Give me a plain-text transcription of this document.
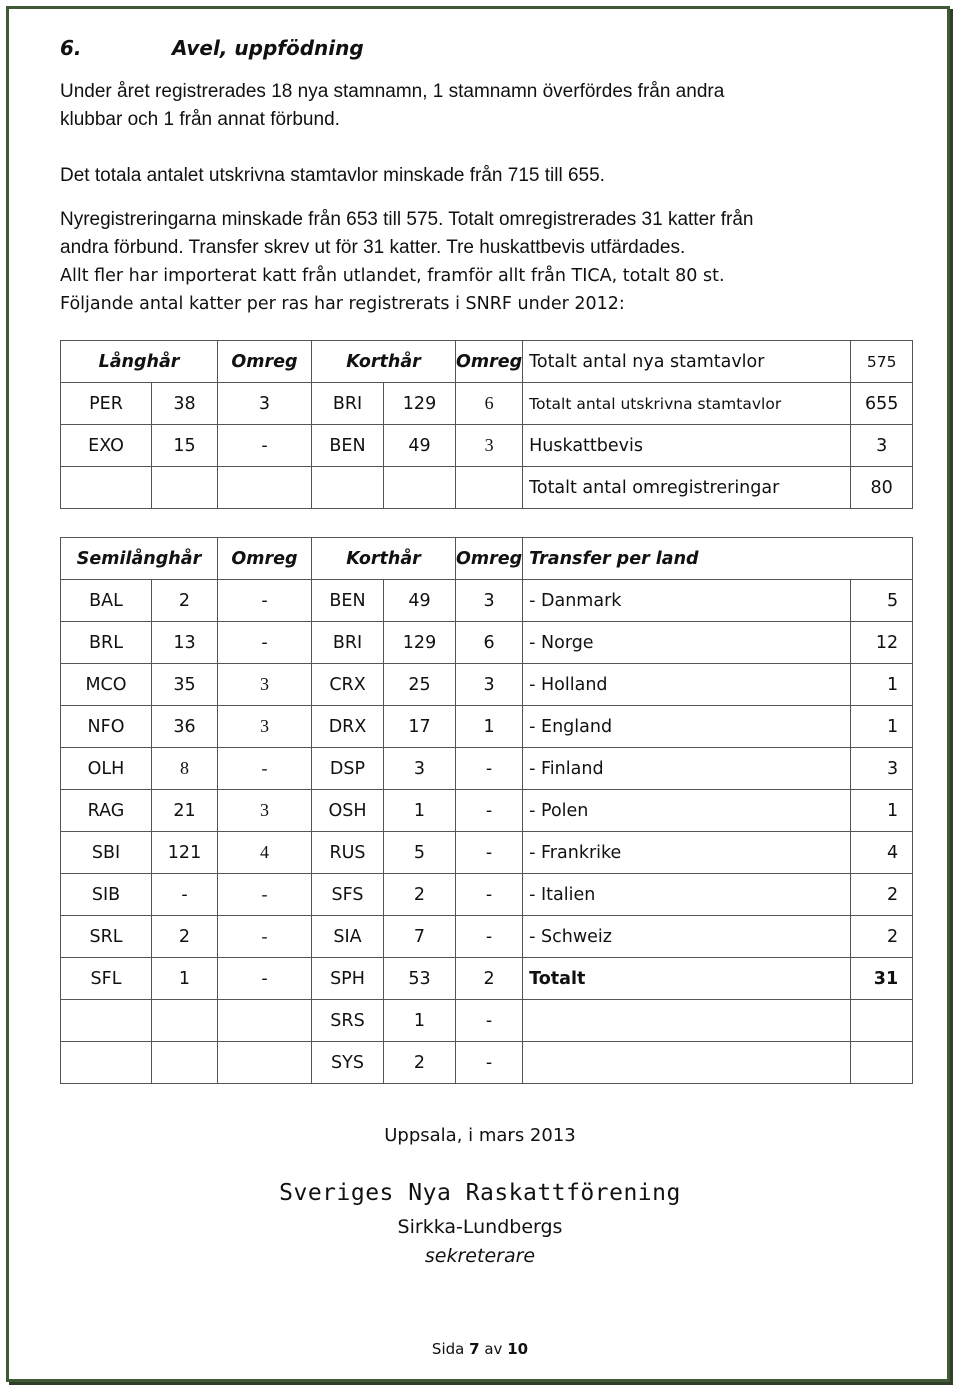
6.	Avel, uppfödning
Under året registrerades 18 nya stamnamn, 1 stamnamn överfördes från andra
klubbar och 1 från annat förbund.
Det totala antalet utskrivna stamtavlor minskade från 715 till 655.
Nyregistreringarna minskade från 653 till 575. Totalt omregistrerades 31 katter från
andra förbund. Transfer skrev ut för 31 katter. Tre huskattbevis utfärdades.
Allt fler har importerat katt från utlandet, framför allt från TICA, totalt 80 st.
Följande antal katter per ras har registrerats i SNRF under 2012:
Långhår		Omreg	Korthår		Omreg	Totalt antal nya stamtavlor	575
PER	38	3	BRI	129	6	Totalt antal utskrivna stamtavlor	655
EXO	15	-	BEN	49	3	Huskattbevis	3
						Totalt antal omregistreringar	80
Semilånghår		Omreg	Korthår		Omreg	Transfer per land	
BAL	2	-	BEN	49	3	- Danmark	5
BRL	13	-	BRI	129	6	- Norge	12
MCO	35	3	CRX	25	3	- Holland	1
NFO	36	3	DRX	17	1	- England	1
OLH	8	-	DSP	3	-	- Finland	3
RAG	21	3	OSH	1	-	- Polen	1
SBI	121	4	RUS	5	-	- Frankrike	4
SIB	-	-	SFS	2	-	- Italien	2
SRL	2	-	SIA	7	-	- Schweiz	2
SFL	1	-	SPH	53	2	Totalt	31
			SRS	1	-		
			SYS	2	-		
Uppsala, i mars 2013
Sveriges Nya Raskattförening
Sirkka-Lundbergs
sekreterare
Sida 7 av 10
